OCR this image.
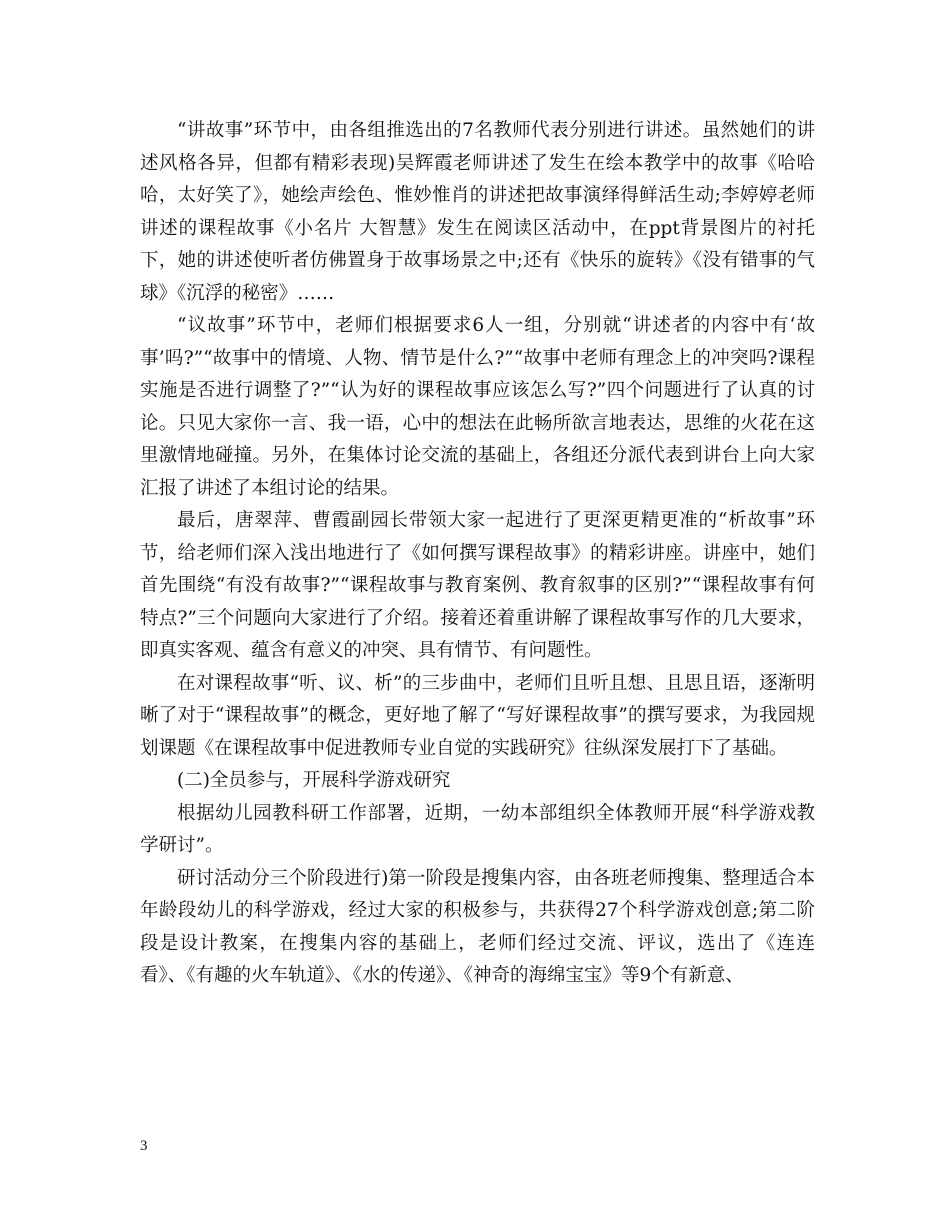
“讲故事”环节中，由各组推选出的7名教师代表分别进行讲述。虽然她们的讲述风格各异，但都有精彩表现)吴辉霞老师讲述了发生在绘本教学中的故事《哈哈哈，太好笑了》，她绘声绘色、惟妙惟肖的讲述把故事演绎得鲜活生动;李婷婷老师讲述的课程故事《小名片 大智慧》发生在阅读区活动中，在ppt背景图片的衬托下，她的讲述使听者仿佛置身于故事场景之中;还有《快乐的旋转》《没有错事的气球》《沉浮的秘密》……

“议故事”环节中，老师们根据要求6人一组，分别就“讲述者的内容中有‘故事’吗?”“故事中的情境、人物、情节是什么?”“故事中老师有理念上的冲突吗?课程实施是否进行调整了?”“认为好的课程故事应该怎么写?”四个问题进行了认真的讨论。只见大家你一言、我一语，心中的想法在此畅所欲言地表达，思维的火花在这里激情地碰撞。另外，在集体讨论交流的基础上，各组还分派代表到讲台上向大家汇报了讲述了本组讨论的结果。

最后，唐翠萍、曹霞副园长带领大家一起进行了更深更精更准的“析故事”环节，给老师们深入浅出地进行了《如何撰写课程故事》的精彩讲座。讲座中，她们首先围绕“有没有故事?”“课程故事与教育案例、教育叙事的区别?”“课程故事有何特点?”三个问题向大家进行了介绍。接着还着重讲解了课程故事写作的几大要求，即真实客观、蕴含有意义的冲突、具有情节、有问题性。

在对课程故事“听、议、析”的三步曲中，老师们且听且想、且思且语，逐渐明晰了对于“课程故事”的概念，更好地了解了“写好课程故事”的撰写要求，为我园规划课题《在课程故事中促进教师专业自觉的实践研究》往纵深发展打下了基础。

(二)全员参与，开展科学游戏研究

根据幼儿园教科研工作部署，近期，一幼本部组织全体教师开展“科学游戏教学研讨”。

研讨活动分三个阶段进行)第一阶段是搜集内容，由各班老师搜集、整理适合本年龄段幼儿的科学游戏，经过大家的积极参与，共获得27个科学游戏创意;第二阶段是设计教案，在搜集内容的基础上，老师们经过交流、评议，选出了《连连看》、《有趣的火车轨道》、《水的传递》、《神奇的海绵宝宝》等9个有新意、

3
